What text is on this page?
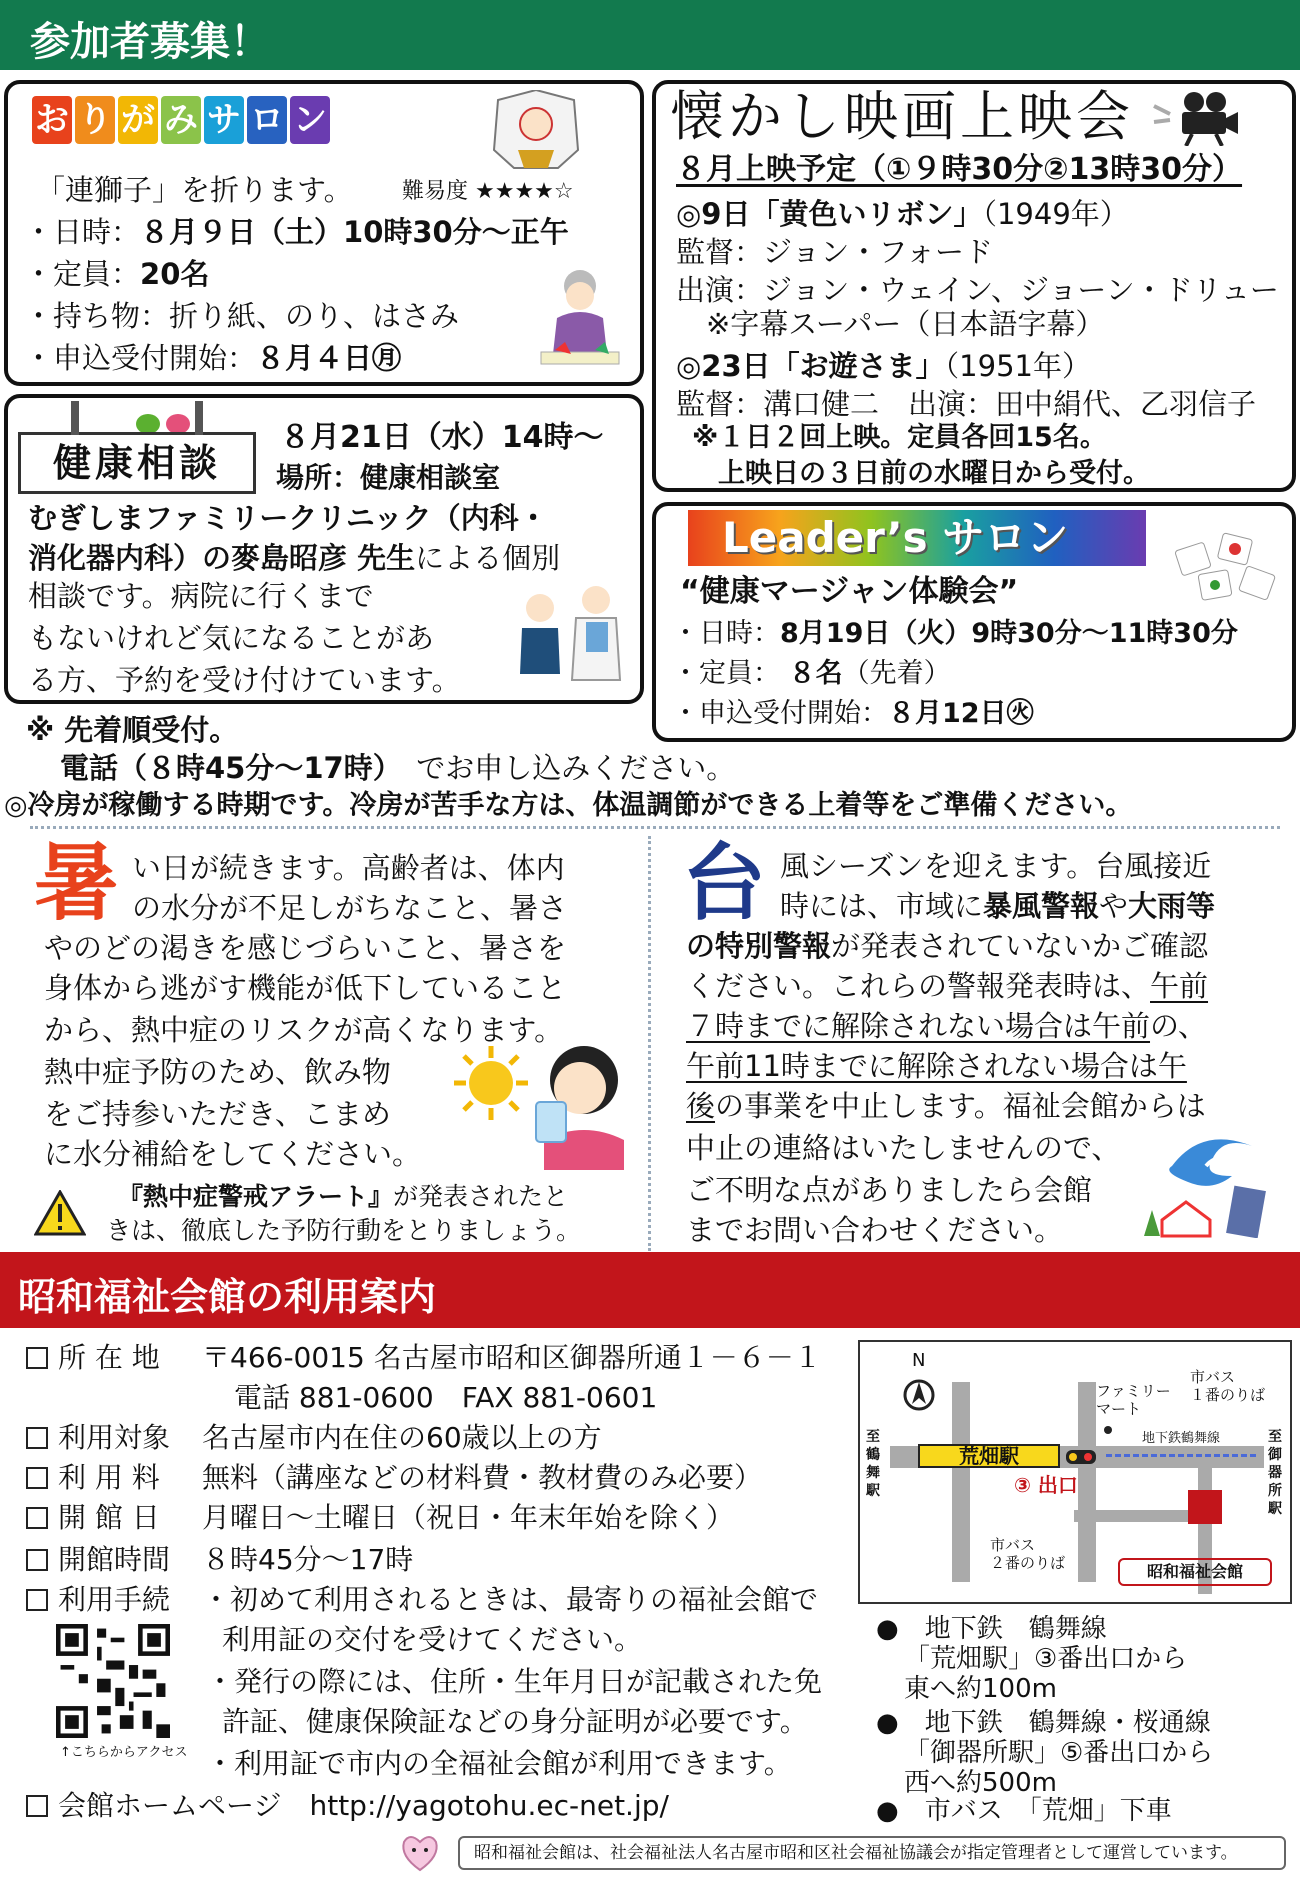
参加者募集！
お り が み サ ロ ン
「連獅子」を折ります。 難易度 ★★★★☆
・日時：８月９日（土）10時30分～正午
・定員：20名
・持ち物：折り紙、のり、はさみ
・申込受付開始：８月４日㊊
懐かし映画上映会
８月上映予定（①９時30分②13時30分）
◎9日「黄色いリボン」（1949年）
監督：ジョン・フォード
出演：ジョン・ウェイン、ジョーン・ドリュー
※字幕スーパー（日本語字幕）
◎23日「お遊さま」（1951年）
監督：溝口健二　出演：田中絹代、乙羽信子
※１日２回上映。定員各回15名。
上映日の３日前の水曜日から受付。
健康相談
８月21日（水）14時～
場所：健康相談室
むぎしまファミリークリニック（内科・
消化器内科）の麥島昭彦 先生による個別
相談です。病院に行くまで
もないけれど気になることがあ
る方、予約を受け付けています。
Leader’s サロン
“健康マージャン体験会”
・日時：8月19日（火）9時30分～11時30分
・定員： ８名（先着）
・申込受付開始：８月12日㊋
※ 先着順受付。
電話（８時45分～17時）　 でお申し込みください。
◎冷房が稼働する時期です。冷房が苦手な方は、体温調節ができる上着等をご準備ください。
暑 い日が続きます。高齢者は、体内
の水分が不足しがちなこと、暑さ
やのどの渇きを感じづらいこと、暑さを
身体から逃がす機能が低下していること
から、熱中症のリスクが高くなります。
熱中症予防のため、飲み物
をご持参いただき、こまめ
に水分補給をしてください。
『熱中症警戒アラート』が発表されたと
きは、徹底した予防行動をとりましょう。
台 風シーズンを迎えます。台風接近
時には、市域に暴風警報や大雨等
の特別警報が発表されていないかご確認
ください。これらの警報発表時は、午前
７時までに解除されない場合は午前の、
午前11時までに解除されない場合は午
後の事業を中止します。福祉会館からは
中止の連絡はいたしませんので、
ご不明な点がありましたら会館
までお問い合わせください。
昭和福祉会館の利用案内
所 在 地 〒466-0015 名古屋市昭和区御器所通１－６－１
電話 881-0600　FAX 881-0601
利用対象 名古屋市内在住の60歳以上の方
利 用 料 無料（講座などの材料費・教材費のみ必要）
開 館 日 月曜日～土曜日（祝日・年末年始を除く）
開館時間 ８時45分～17時
利用手続 ・初めて利用されるときは、最寄りの福祉会館で
利用証の交付を受けてください。
・発行の際には、住所・生年月日が記載された免
許証、健康保険証などの身分証明が必要です。
・利用証で市内の全福祉会館が利用できます。
↑こちらからアクセス
会館ホームページ　 http://yagotohu.ec-net.jp/
N
地下鉄鶴舞線
荒畑駅
③ 出口
ファミリー
マート
市バス
１番のりば
市バス
２番のりば
至鶴舞駅
至御器所駅
昭和福祉会館
●　地下鉄　鶴舞線
「荒畑駅」③番出口から
東へ約100m
●　地下鉄　鶴舞線・桜通線
「御器所駅」⑤番出口から
西へ約500m
●　市バス　「荒畑」下車
昭和福祉会館は、社会福祉法人名古屋市昭和区社会福祉協議会が指定管理者として運営しています。
